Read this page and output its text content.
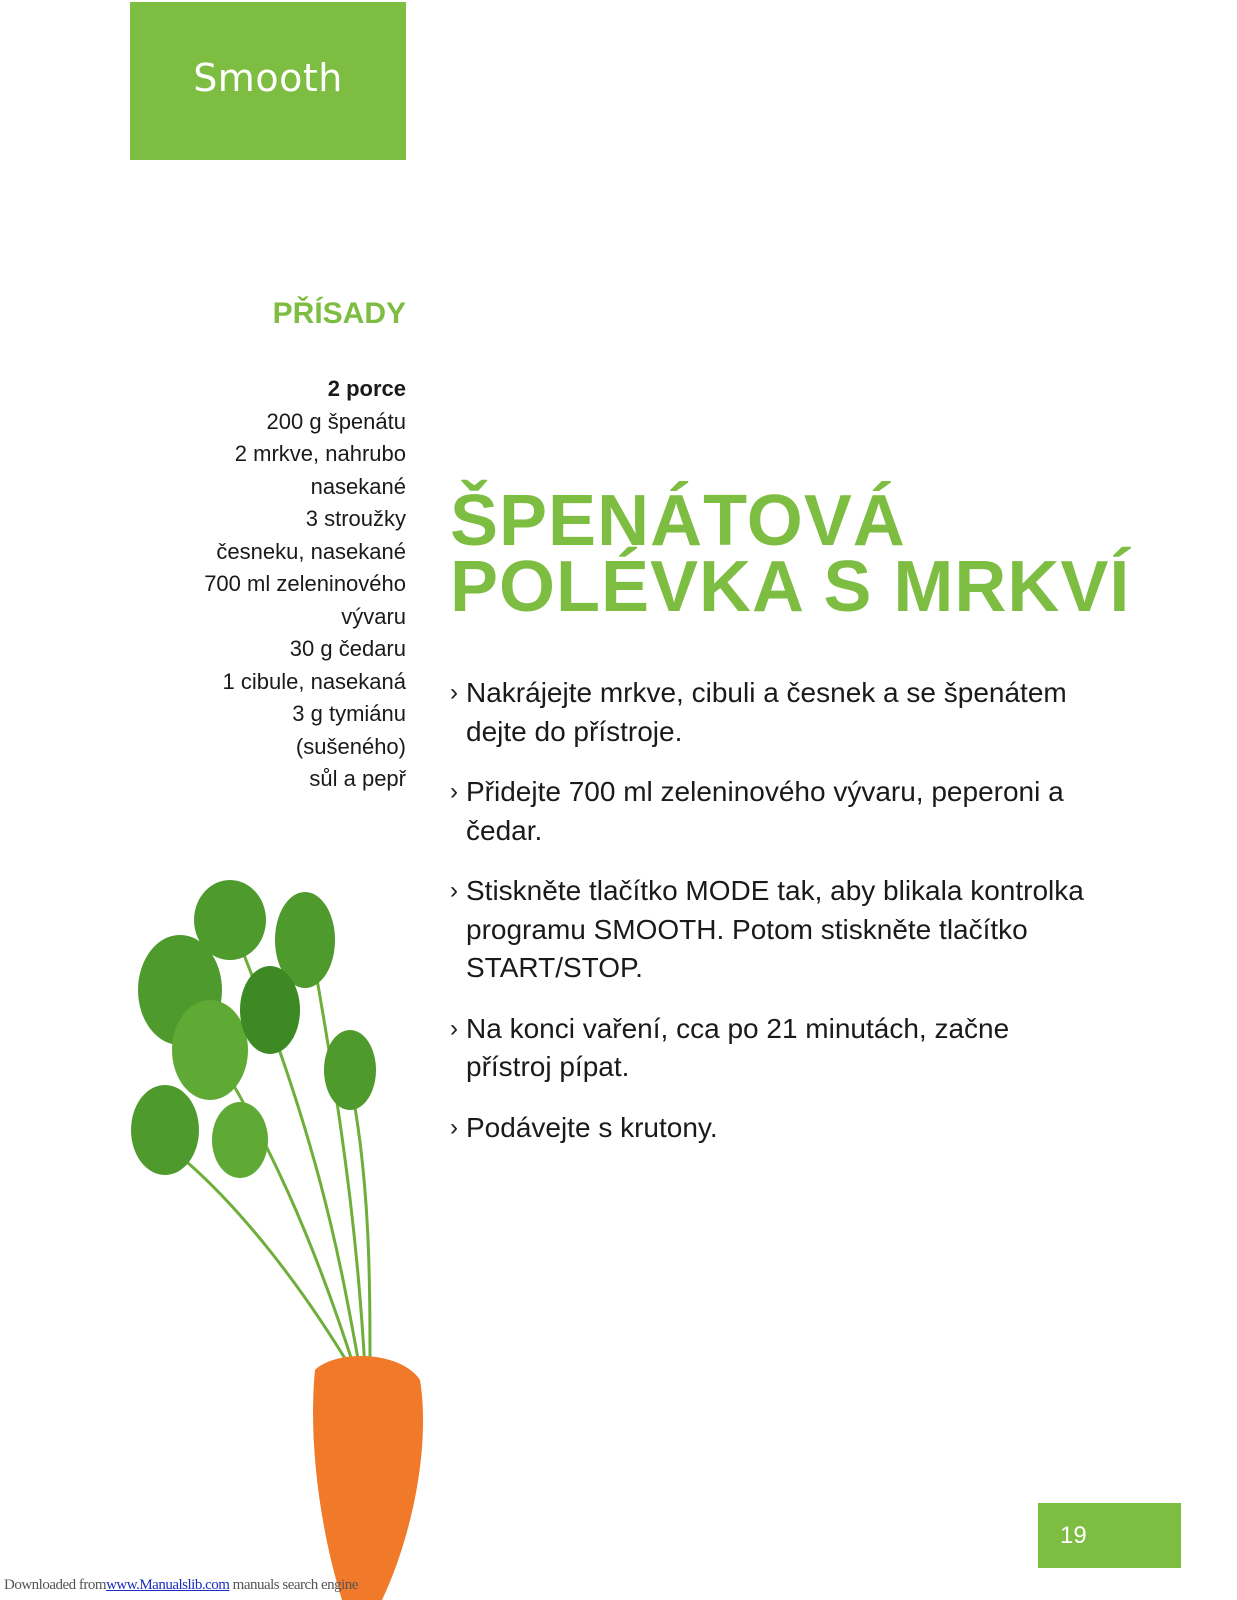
Smooth
PŘÍSADY
2 porce
200 g špenátu
2 mrkve, nahrubo
nasekané
3 stroužky
česneku, nasekané
700 ml zeleninového
vývaru
30 g čedaru
1 cibule, nasekaná
3 g tymiánu
(sušeného)
sůl a pepř
ŠPENÁTOVÁ
POLÉVKA S MRKVÍ
› Nakrájejte mrkve, cibuli a česnek a se špenátem dejte do přístroje.
› Přidejte 700 ml zeleninového vývaru, peperoni a čedar.
› Stiskněte tlačítko MODE tak, aby blikala kontrolka programu SMOOTH. Potom stiskněte tlačítko START/STOP.
› Na konci vaření, cca po 21 minutách, začne přístroj pípat.
› Podávejte s krutony.
19
Downloaded fromwww.Manualslib.com manuals search engine
